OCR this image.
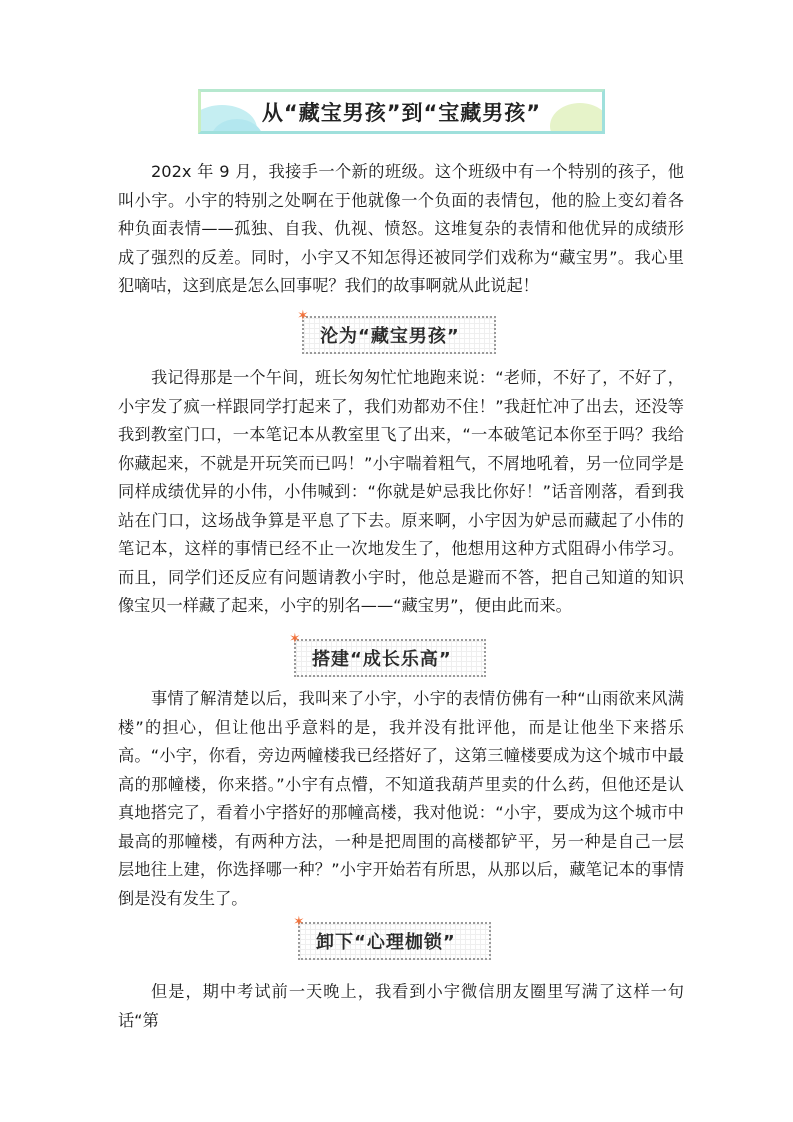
从“藏宝男孩”到“宝藏男孩”

202x 年 9 月，我接手一个新的班级。这个班级中有一个特别的孩子，他叫小宇。小宇的特别之处啊在于他就像一个负面的表情包，他的脸上变幻着各种负面表情——孤独、自我、仇视、愤怒。这堆复杂的表情和他优异的成绩形成了强烈的反差。同时，小宇又不知怎得还被同学们戏称为“藏宝男”。我心里犯嘀咕，这到底是怎么回事呢？我们的故事啊就从此说起！

✶
沦为“藏宝男孩”

我记得那是一个午间，班长匆匆忙忙地跑来说：“老师，不好了，不好了，小宇发了疯一样跟同学打起来了，我们劝都劝不住！”我赶忙冲了出去，还没等我到教室门口，一本笔记本从教室里飞了出来，“一本破笔记本你至于吗？我给你藏起来，不就是开玩笑而已吗！”小宇喘着粗气，不屑地吼着，另一位同学是同样成绩优异的小伟，小伟喊到：“你就是妒忌我比你好！”话音刚落，看到我站在门口，这场战争算是平息了下去。原来啊，小宇因为妒忌而藏起了小伟的笔记本，这样的事情已经不止一次地发生了，他想用这种方式阻碍小伟学习。而且，同学们还反应有问题请教小宇时，他总是避而不答，把自己知道的知识像宝贝一样藏了起来，小宇的别名——“藏宝男”，便由此而来。

✶
搭建“成长乐高”

事情了解清楚以后，我叫来了小宇，小宇的表情仿佛有一种“山雨欲来风满楼”的担心，但让他出乎意料的是，我并没有批评他，而是让他坐下来搭乐高。“小宇，你看，旁边两幢楼我已经搭好了，这第三幢楼要成为这个城市中最高的那幢楼，你来搭。”小宇有点懵，不知道我葫芦里卖的什么药，但他还是认真地搭完了，看着小宇搭好的那幢高楼，我对他说：“小宇，要成为这个城市中最高的那幢楼，有两种方法，一种是把周围的高楼都铲平，另一种是自己一层层地往上建，你选择哪一种？”小宇开始若有所思，从那以后，藏笔记本的事情倒是没有发生了。

✶
卸下“心理枷锁”

但是，期中考试前一天晚上，我看到小宇微信朋友圈里写满了这样一句话“第
